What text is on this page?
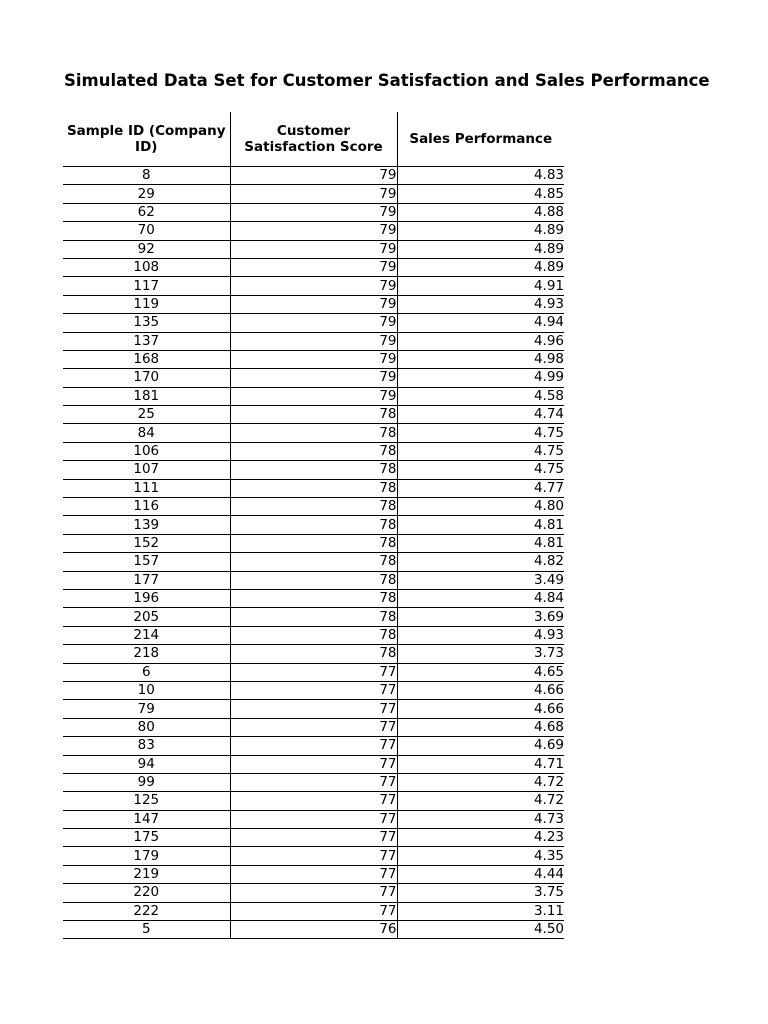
Simulated Data Set for Customer Satisfaction and Sales Performance
Sample ID (Company ID)	Customer Satisfaction Score	Sales Performance
8	79	4.83
29	79	4.85
62	79	4.88
70	79	4.89
92	79	4.89
108	79	4.89
117	79	4.91
119	79	4.93
135	79	4.94
137	79	4.96
168	79	4.98
170	79	4.99
181	79	4.58
25	78	4.74
84	78	4.75
106	78	4.75
107	78	4.75
111	78	4.77
116	78	4.80
139	78	4.81
152	78	4.81
157	78	4.82
177	78	3.49
196	78	4.84
205	78	3.69
214	78	4.93
218	78	3.73
6	77	4.65
10	77	4.66
79	77	4.66
80	77	4.68
83	77	4.69
94	77	4.71
99	77	4.72
125	77	4.72
147	77	4.73
175	77	4.23
179	77	4.35
219	77	4.44
220	77	3.75
222	77	3.11
5	76	4.50
